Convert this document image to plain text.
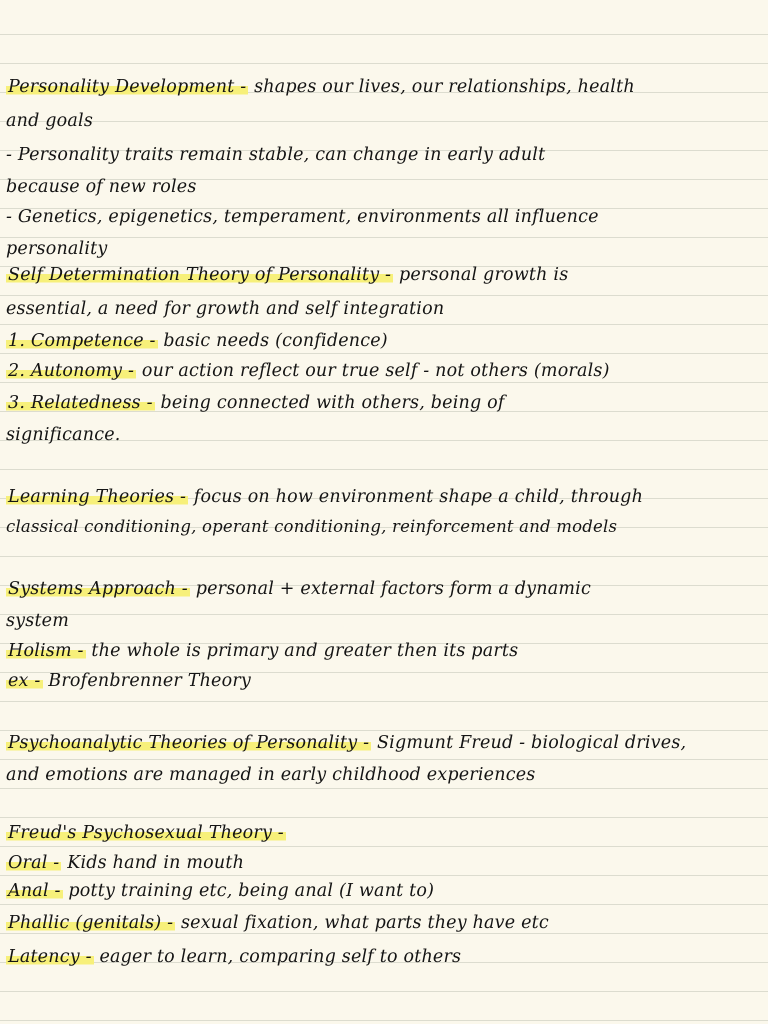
Personality Development - shapes our lives, our relationships, health
and goals
- Personality traits remain stable, can change in early adult
because of new roles
- Genetics, epigenetics, temperament, environments all influence
personality
Self Determination Theory of Personality - personal growth is
essential, a need for growth and self integration
1. Competence - basic needs (confidence)
2. Autonomy - our action reflect our true self - not others (morals)
3. Relatedness - being connected with others, being of
significance.
Learning Theories - focus on how environment shape a child, through
classical conditioning, operant conditioning, reinforcement and models
Systems Approach - personal + external factors form a dynamic
system
Holism - the whole is primary and greater then its parts
ex - Brofenbrenner Theory
Psychoanalytic Theories of Personality - Sigmunt Freud - biological drives,
and emotions are managed in early childhood experiences
Freud's Psychosexual Theory -
Oral - Kids hand in mouth
Anal - potty training etc, being anal (I want to)
Phallic (genitals) - sexual fixation, what parts they have etc
Latency - eager to learn, comparing self to others
